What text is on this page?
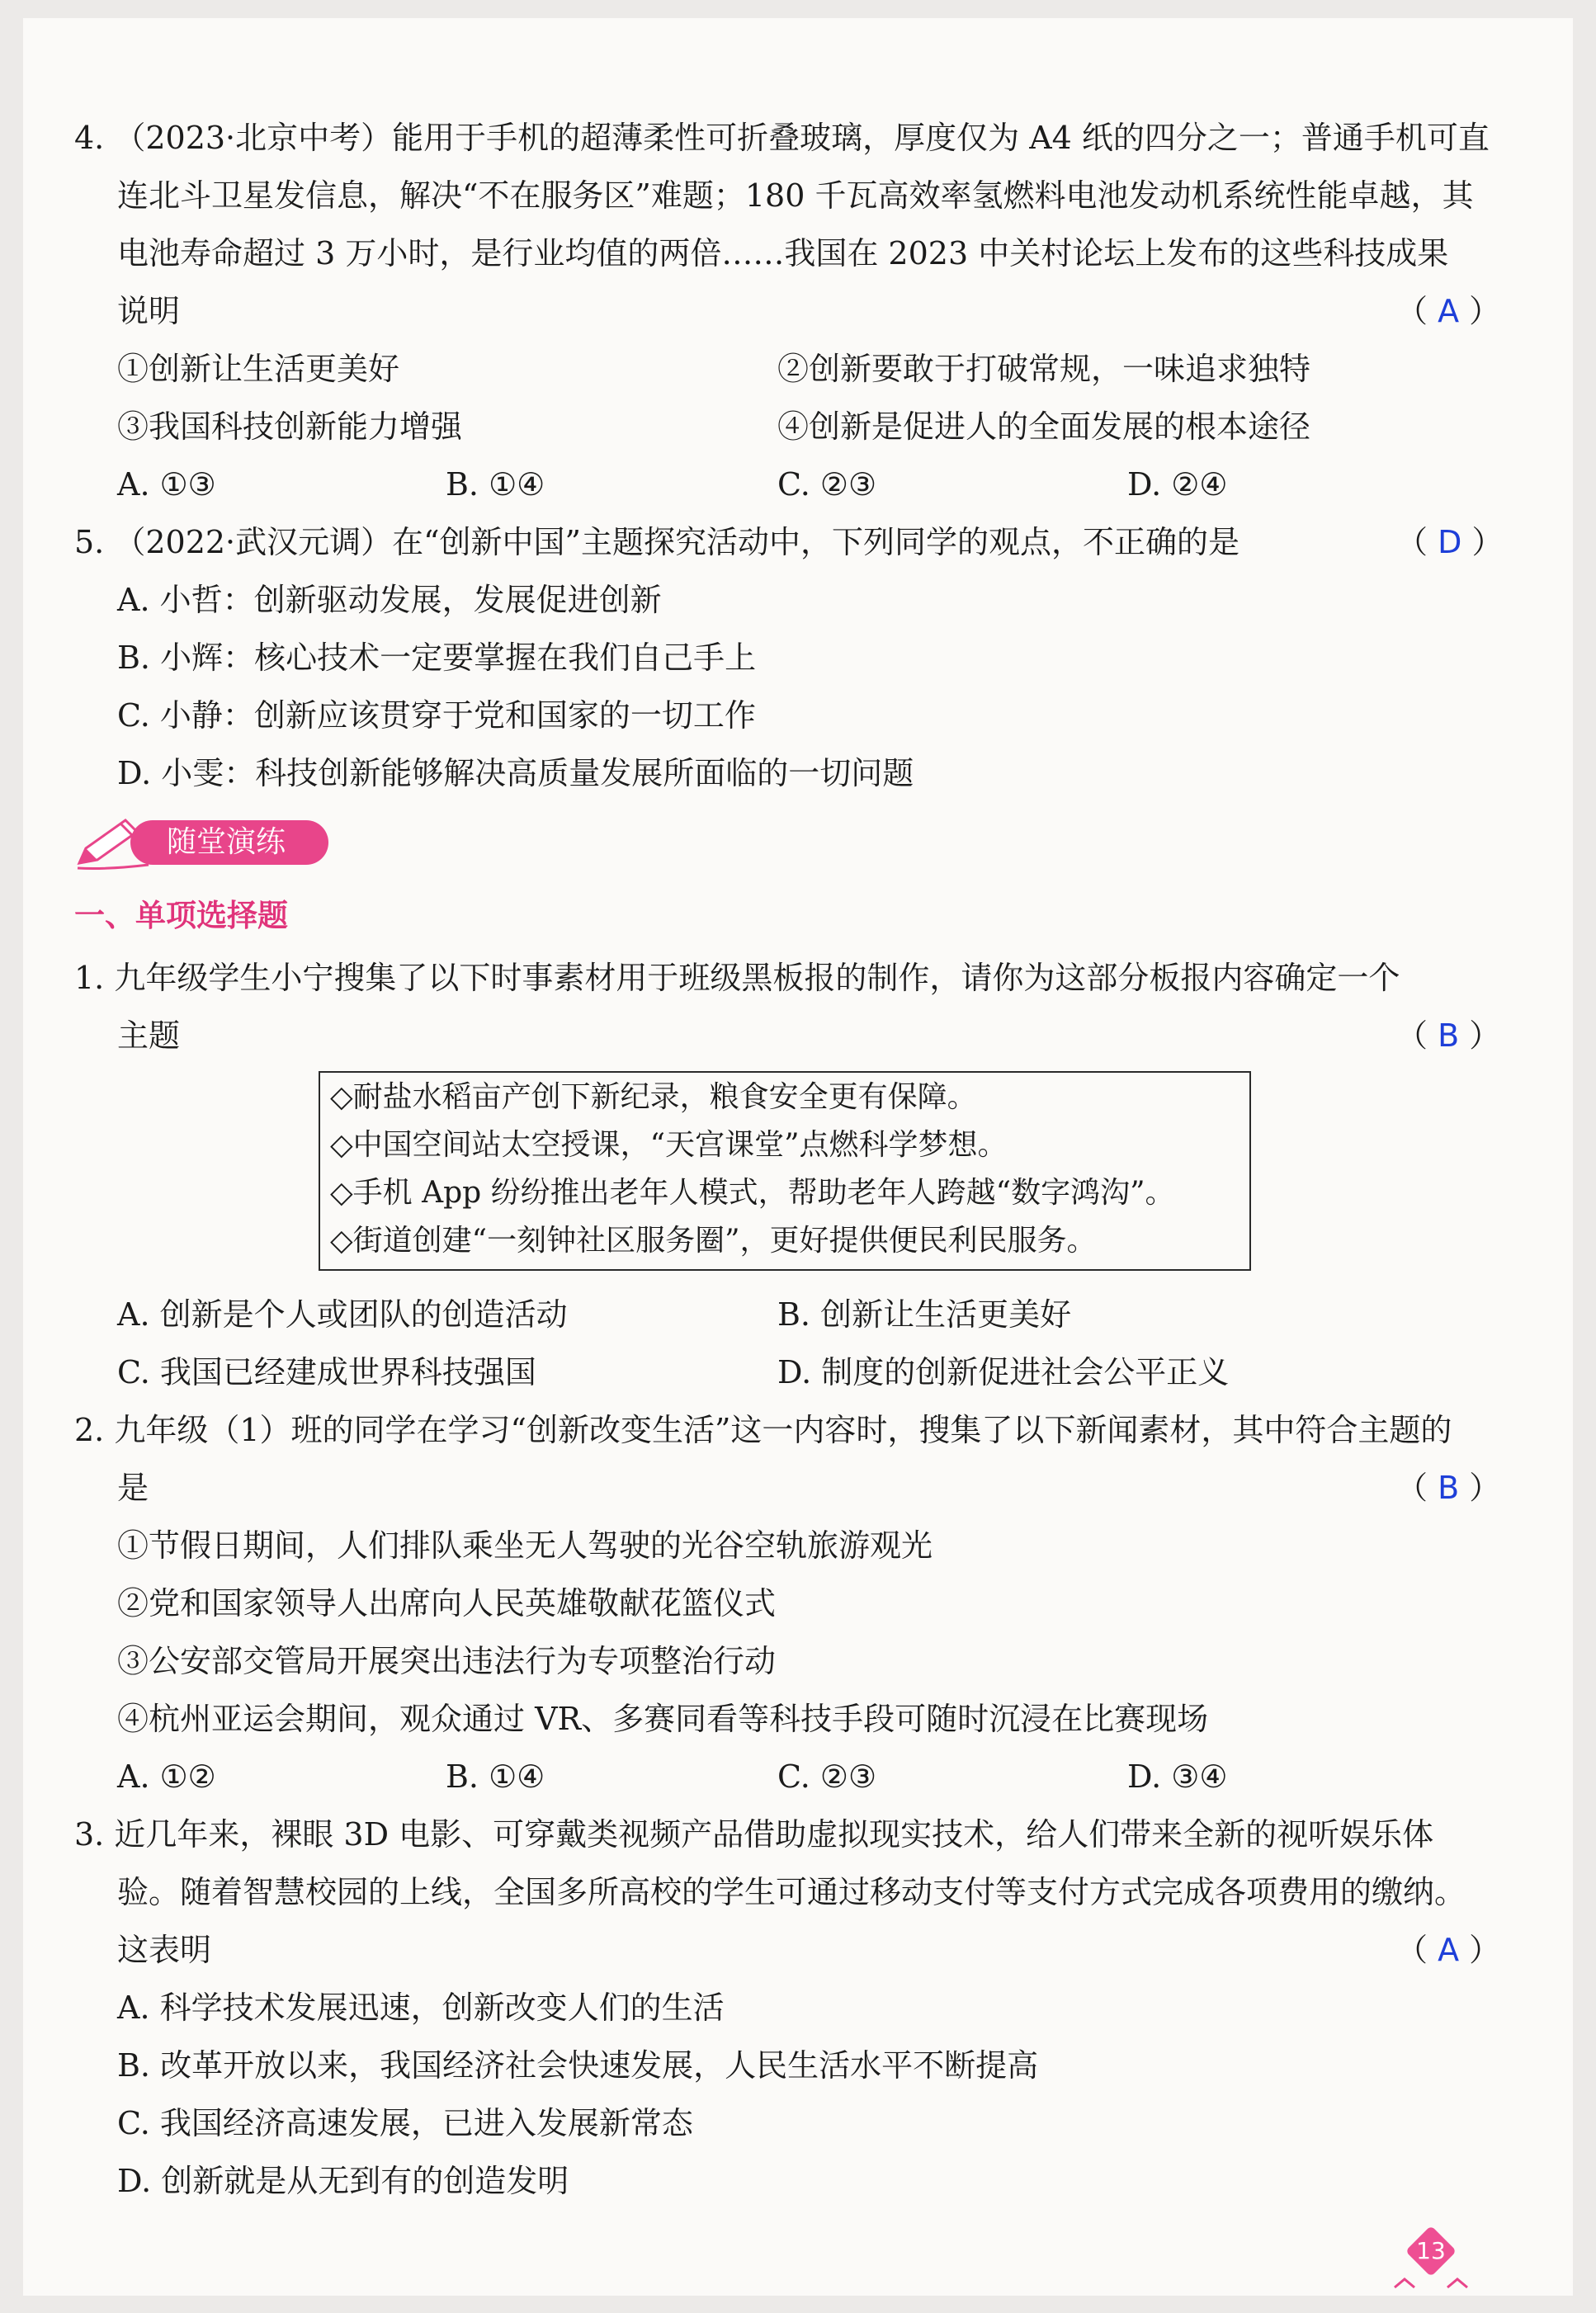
4. （2023·北京中考）能用于手机的超薄柔性可折叠玻璃，厚度仅为 A4 纸的四分之一；普通手机可直
连北斗卫星发信息，解决“不在服务区”难题；180 千瓦高效率氢燃料电池发动机系统性能卓越，其
电池寿命超过 3 万小时，是行业均值的两倍……我国在 2023 中关村论坛上发布的这些科技成果
说明	（ A ）
①创新让生活更美好	②创新要敢于打破常规，一味追求独特
③我国科技创新能力增强	④创新是促进人的全面发展的根本途径
A. ①③	B. ①④	C. ②③	D. ②④
5. （2022·武汉元调）在“创新中国”主题探究活动中，下列同学的观点，不正确的是	（ D ）
A. 小哲：创新驱动发展，发展促进创新
B. 小辉：核心技术一定要掌握在我们自己手上
C. 小静：创新应该贯穿于党和国家的一切工作
D. 小雯：科技创新能够解决高质量发展所面临的一切问题
随堂演练
一、单项选择题
1. 九年级学生小宁搜集了以下时事素材用于班级黑板报的制作，请你为这部分板报内容确定一个
主题	（ B ）
◇耐盐水稻亩产创下新纪录，粮食安全更有保障。
◇中国空间站太空授课，“天宫课堂”点燃科学梦想。
◇手机 App 纷纷推出老年人模式，帮助老年人跨越“数字鸿沟”。
◇街道创建“一刻钟社区服务圈”，更好提供便民利民服务。
A. 创新是个人或团队的创造活动	B. 创新让生活更美好
C. 我国已经建成世界科技强国	D. 制度的创新促进社会公平正义
2. 九年级（1）班的同学在学习“创新改变生活”这一内容时，搜集了以下新闻素材，其中符合主题的
是	（ B ）
①节假日期间，人们排队乘坐无人驾驶的光谷空轨旅游观光
②党和国家领导人出席向人民英雄敬献花篮仪式
③公安部交管局开展突出违法行为专项整治行动
④杭州亚运会期间，观众通过 VR、多赛同看等科技手段可随时沉浸在比赛现场
A. ①②	B. ①④	C. ②③	D. ③④
3. 近几年来，裸眼 3D 电影、可穿戴类视频产品借助虚拟现实技术，给人们带来全新的视听娱乐体
验。随着智慧校园的上线，全国多所高校的学生可通过移动支付等支付方式完成各项费用的缴纳。
这表明	（ A ）
A. 科学技术发展迅速，创新改变人们的生活
B. 改革开放以来，我国经济社会快速发展，人民生活水平不断提高
C. 我国经济高速发展，已进入发展新常态
D. 创新就是从无到有的创造发明
13
